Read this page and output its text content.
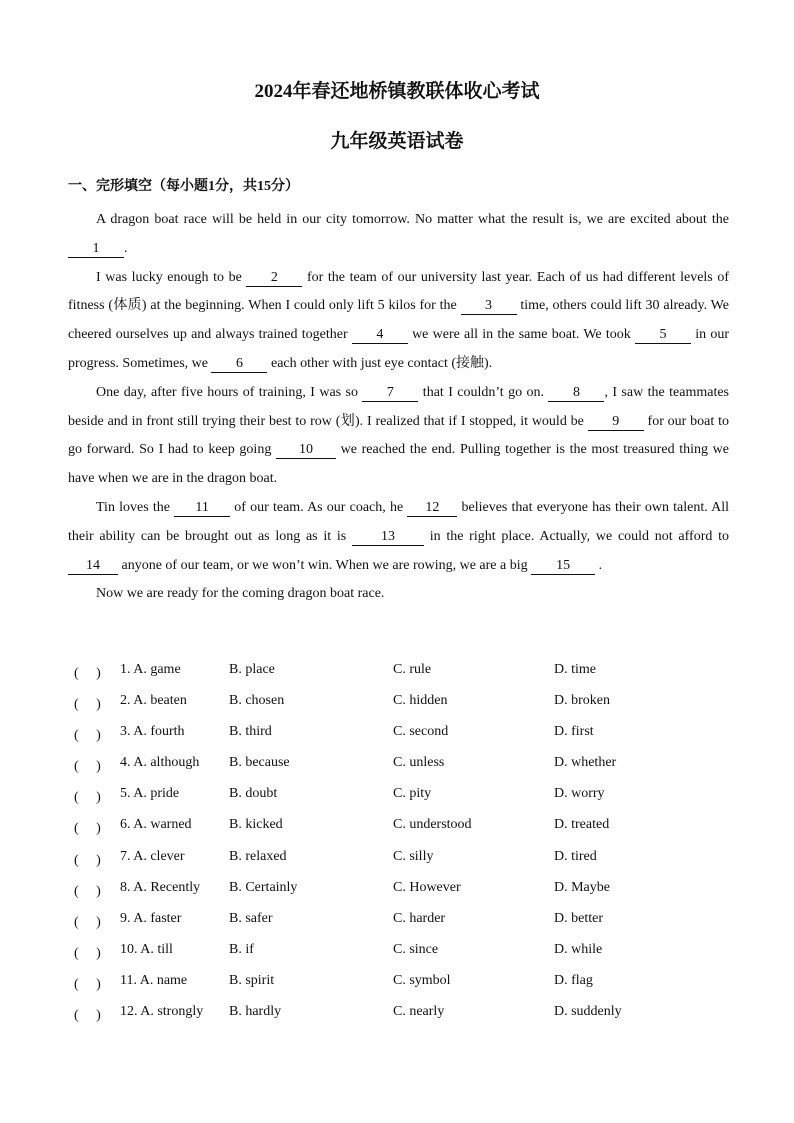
2024年春还地桥镇教联体收心考试
九年级英语试卷
一、完形填空（每小题1分，共15分）

A dragon boat race will be held in our city tomorrow. No matter what the result is, we are excited about the 1 .

I was lucky enough to be 2 for the team of our university last year. Each of us had different levels of fitness (体质) at the beginning. When I could only lift 5 kilos for the 3 time, others could lift 30 already. We cheered ourselves up and always trained together 4 we were all in the same boat. We took 5 in our progress. Sometimes, we 6 each other with just eye contact (接触).

One day, after five hours of training, I was so 7 that I couldn’t go on. 8 , I saw the teammates beside and in front still trying their best to row (划). I realized that if I stopped, it would be 9 for our boat to go forward. So I had to keep going 10 we reached the end. Pulling together is the most treasured thing we have when we are in the dragon boat.

Tin loves the 11 of our team. As our coach, he 12 believes that everyone has their own talent. All their ability can be brought out as long as it is 13 in the right place. Actually, we could not afford to 14 anyone of our team, or we won’t win. When we are rowing, we are a big 15 .

Now we are ready for the coming dragon boat race.

(　 ) 1. A. game	B. place	C. rule	D. time
(　 ) 2. A. beaten	B. chosen	C. hidden	D. broken
(　 ) 3. A. fourth	B. third	C. second	D. first
(　 ) 4. A. although B. because	C. unless	D. whether
(　 ) 5. A. pride	B. doubt	C. pity	D. worry
(　 ) 6. A. warned	B. kicked	C. understood	D. treated
(　 ) 7. A. clever	B. relaxed	C. silly	D. tired
(　 ) 8. A. Recently B. Certainly	C. However	D. Maybe
(　 ) 9. A. faster	B. safer	C. harder	D. better
(　 ) 10. A. till	B. if	C. since	D. while
(　 ) 11. A. name	B. spirit	C. symbol	D. flag
(　 ) 12. A. strongly B. hardly	C. nearly	D. suddenly
